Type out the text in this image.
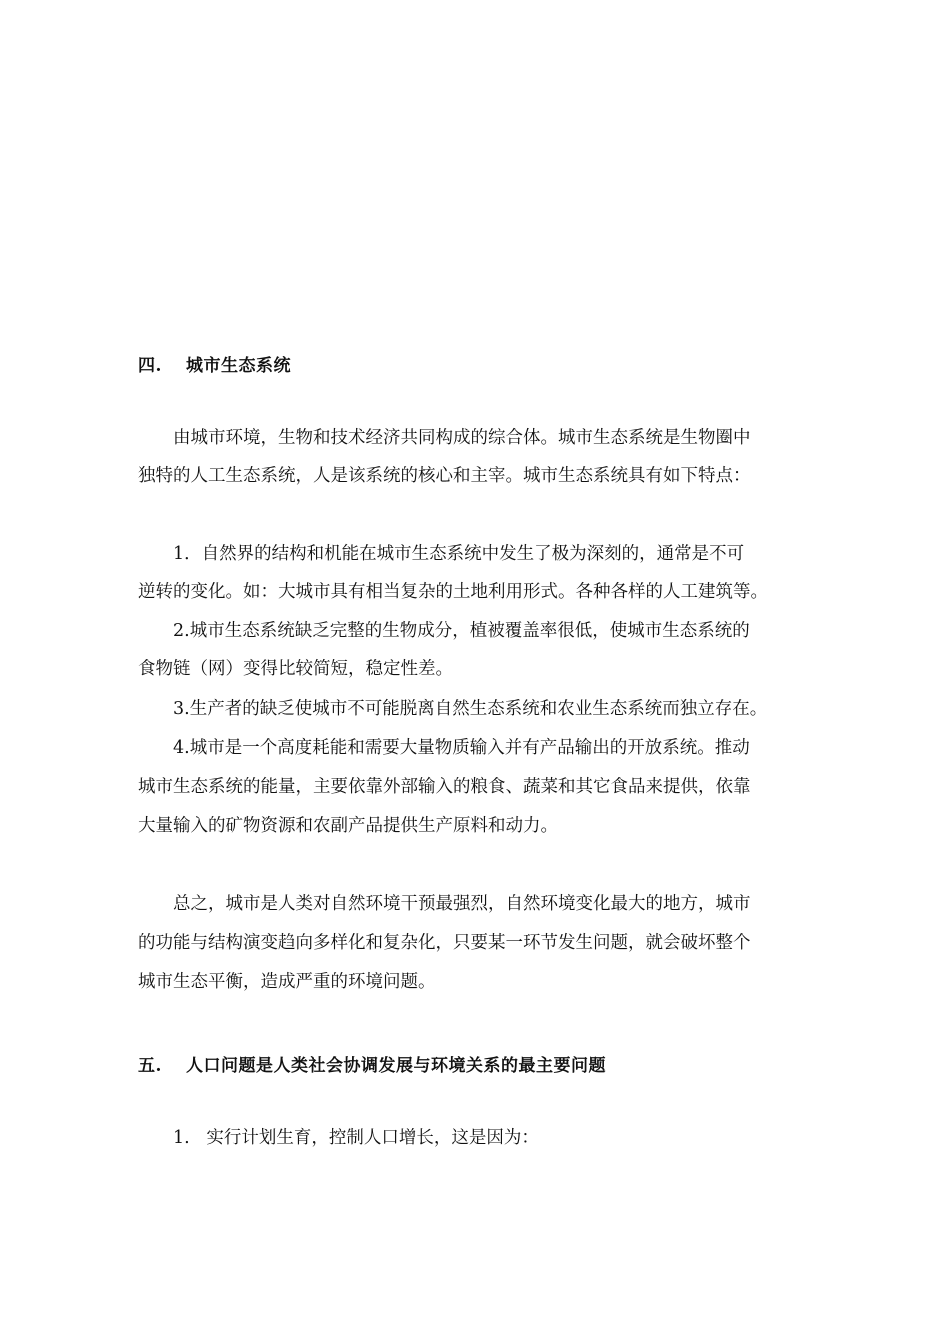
四. 城市生态系统
由城市环境，生物和技术经济共同构成的综合体。城市生态系统是生物圈中
独特的人工生态系统，人是该系统的核心和主宰。城市生态系统具有如下特点：
1．自然界的结构和机能在城市生态系统中发生了极为深刻的，通常是不可
逆转的变化。如：大城市具有相当复杂的土地利用形式。各种各样的人工建筑等。
2.城市生态系统缺乏完整的生物成分，植被覆盖率很低，使城市生态系统的
食物链（网）变得比较简短，稳定性差。
3.生产者的缺乏使城市不可能脱离自然生态系统和农业生态系统而独立存在。
4.城市是一个高度耗能和需要大量物质输入并有产品输出的开放系统。推动
城市生态系统的能量，主要依靠外部输入的粮食、蔬菜和其它食品来提供，依靠
大量输入的矿物资源和农副产品提供生产原料和动力。
总之，城市是人类对自然环境干预最强烈，自然环境变化最大的地方，城市
的功能与结构演变趋向多样化和复杂化，只要某一环节发生问题，就会破坏整个
城市生态平衡，造成严重的环境问题。
五. 人口问题是人类社会协调发展与环境关系的最主要问题
1.   实行计划生育，控制人口增长，这是因为：
